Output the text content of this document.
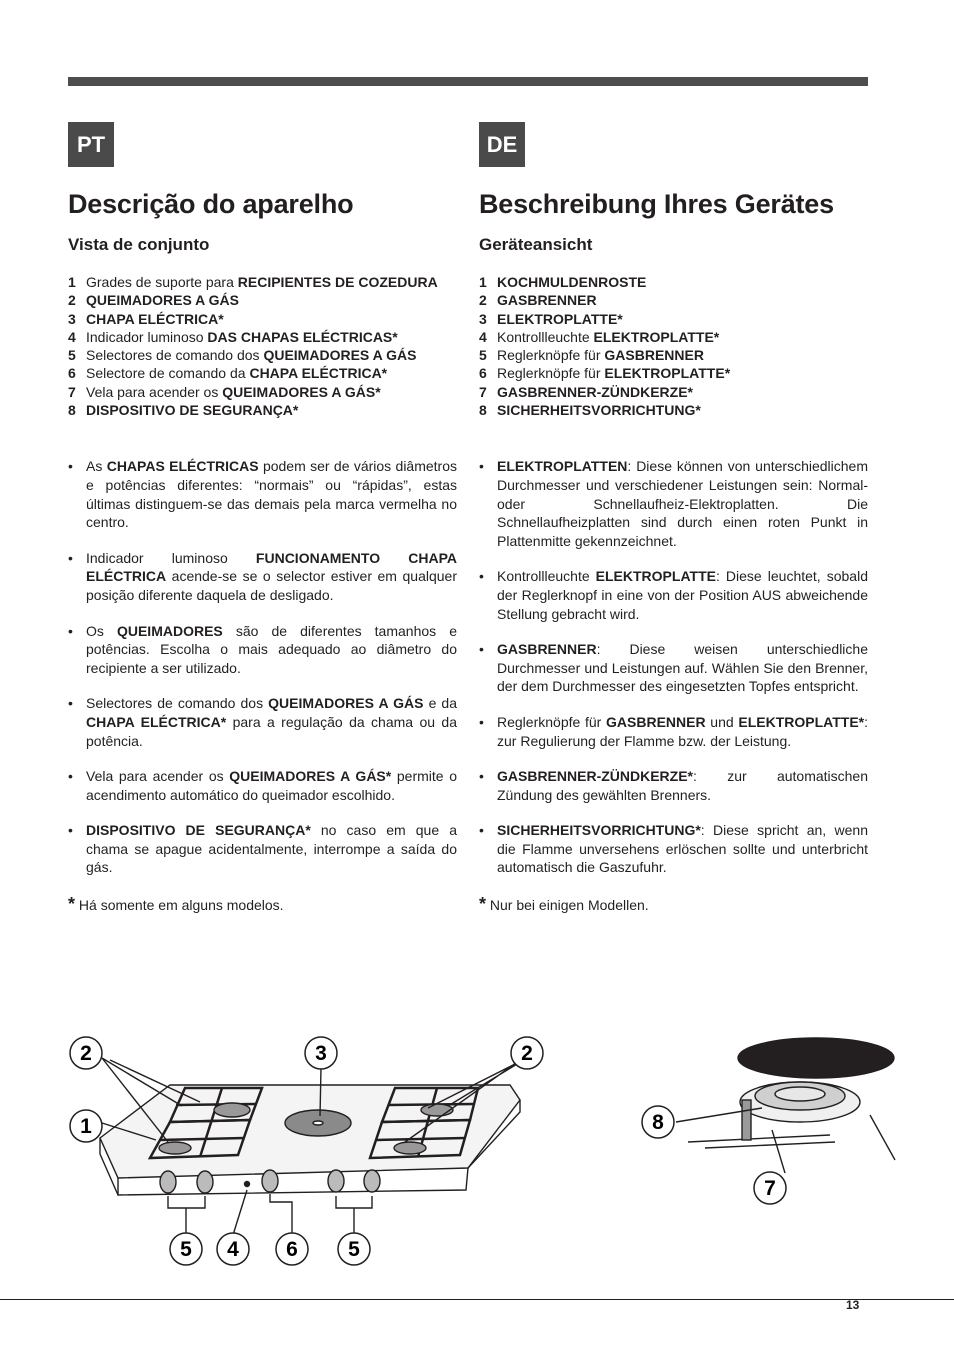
PT
Descrição do aparelho
Vista de conjunto
1 Grades de suporte para RECIPIENTES DE COZEDURA
2 QUEIMADORES A GÁS
3 CHAPA ELÉCTRICA*
4 Indicador luminoso DAS CHAPAS ELÉCTRICAS*
5 Selectores de comando dos QUEIMADORES A GÁS
6 Selectore de comando da CHAPA ELÉCTRICA*
7 Vela para acender os QUEIMADORES A GÁS*
8 DISPOSITIVO DE SEGURANÇA*
• As CHAPAS ELÉCTRICAS podem ser de vários diâmetros e potências diferentes: “normais” ou “rápidas”, estas últimas distinguem-se das demais pela marca vermelha no centro.
• Indicador luminoso FUNCIONAMENTO CHAPA ELÉCTRICA acende-se se o selector estiver em qualquer posição diferente daquela de desligado.
• Os QUEIMADORES são de diferentes tamanhos e potências. Escolha o mais adequado ao diâmetro do recipiente a ser utilizado.
• Selectores de comando dos QUEIMADORES A GÁS e da CHAPA ELÉCTRICA* para a regulação da chama ou da potência.
• Vela para acender os QUEIMADORES A GÁS* permite o acendimento automático do queimador escolhido.
• DISPOSITIVO DE SEGURANÇA* no caso em que a chama se apague acidentalmente, interrompe a saída do gás.

* Há somente em alguns modelos.

DE
Beschreibung Ihres Gerätes
Geräteansicht
1 KOCHMULDENROSTE
2 GASBRENNER
3 ELEKTROPLATTE*
4 Kontrollleuchte ELEKTROPLATTE*
5 Reglerknöpfe für GASBRENNER
6 Reglerknöpfe für ELEKTROPLATTE*
7 GASBRENNER-ZÜNDKERZE*
8 SICHERHEITSVORRICHTUNG*
• ELEKTROPLATTEN: Diese können von unterschiedlichem Durchmesser und verschiedener Leistungen sein: Normal- oder Schnellaufheiz-Elektroplatten. Die Schnellaufheizplatten sind durch einen roten Punkt in Plattenmitte gekennzeichnet.
• Kontrollleuchte ELEKTROPLATTE: Diese leuchtet, sobald der Reglerknopf in eine von der Position AUS abweichende Stellung gebracht wird.
• GASBRENNER: Diese weisen unterschiedliche Durchmesser und Leistungen auf. Wählen Sie den Brenner, der dem Durchmesser des eingesetzten Topfes entspricht.
• Reglerknöpfe für GASBRENNER und ELEKTROPLATTE*: zur Regulierung der Flamme bzw. der Leistung.
• GASBRENNER-ZÜNDKERZE*: zur automatischen Zündung des gewählten Brenners.
• SICHERHEITSVORRICHTUNG*: Diese spricht an, wenn die Flamme unversehens erlöschen sollte und unterbricht automatisch die Gaszufuhr.

* Nur bei einigen Modellen.

2	3	2
1
5 4 6 5
8
7
13
